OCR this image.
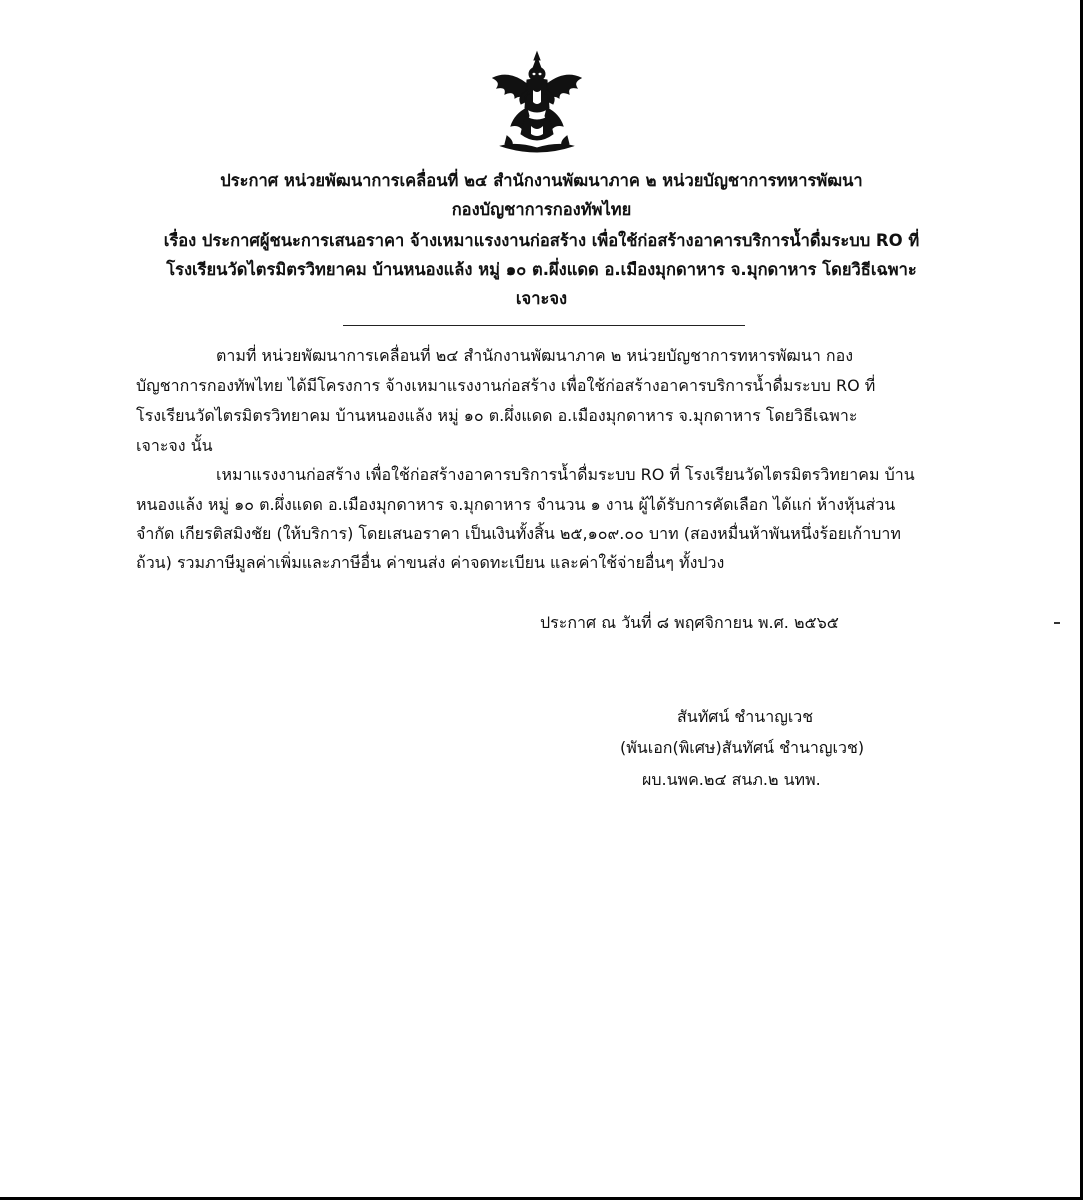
ประกาศ หน่วยพัฒนาการเคลื่อนที่ ๒๔ สำนักงานพัฒนาภาค ๒ หน่วยบัญชาการทหารพัฒนา
กองบัญชาการกองทัพไทย
เรื่อง ประกาศผู้ชนะการเสนอราคา จ้างเหมาแรงงานก่อสร้าง เพื่อใช้ก่อสร้างอาคารบริการน้ำดื่มระบบ RO ที่
โรงเรียนวัดไตรมิตรวิทยาคม บ้านหนองแล้ง หมู่ ๑๐ ต.ผึ่งแดด อ.เมืองมุกดาหาร จ.มุกดาหาร โดยวิธีเฉพาะ
เจาะจง
ตามที่ หน่วยพัฒนาการเคลื่อนที่ ๒๔ สำนักงานพัฒนาภาค ๒ หน่วยบัญชาการทหารพัฒนา กอง
บัญชาการกองทัพไทย ได้มีโครงการ จ้างเหมาแรงงานก่อสร้าง เพื่อใช้ก่อสร้างอาคารบริการน้ำดื่มระบบ RO ที่
โรงเรียนวัดไตรมิตรวิทยาคม บ้านหนองแล้ง หมู่ ๑๐ ต.ผึ่งแดด อ.เมืองมุกดาหาร จ.มุกดาหาร โดยวิธีเฉพาะ
เจาะจง นั้น
เหมาแรงงานก่อสร้าง เพื่อใช้ก่อสร้างอาคารบริการน้ำดื่มระบบ RO ที่ โรงเรียนวัดไตรมิตรวิทยาคม บ้าน
หนองแล้ง หมู่ ๑๐ ต.ผึ่งแดด อ.เมืองมุกดาหาร จ.มุกดาหาร จำนวน ๑ งาน ผู้ได้รับการคัดเลือก ได้แก่ ห้างหุ้นส่วน
จำกัด เกียรติสมิงชัย (ให้บริการ) โดยเสนอราคา เป็นเงินทั้งสิ้น ๒๕,๑๐๙.๐๐ บาท (สองหมื่นห้าพันหนึ่งร้อยเก้าบาท
ถ้วน) รวมภาษีมูลค่าเพิ่มและภาษีอื่น ค่าขนส่ง ค่าจดทะเบียน และค่าใช้จ่ายอื่นๆ ทั้งปวง
ประกาศ ณ วันที่ ๘ พฤศจิกายน พ.ศ. ๒๕๖๕
สันทัศน์ ชำนาญเวช
(พันเอก(พิเศษ)สันทัศน์ ชำนาญเวช)
ผบ.นพค.๒๔ สนภ.๒ นทพ.
